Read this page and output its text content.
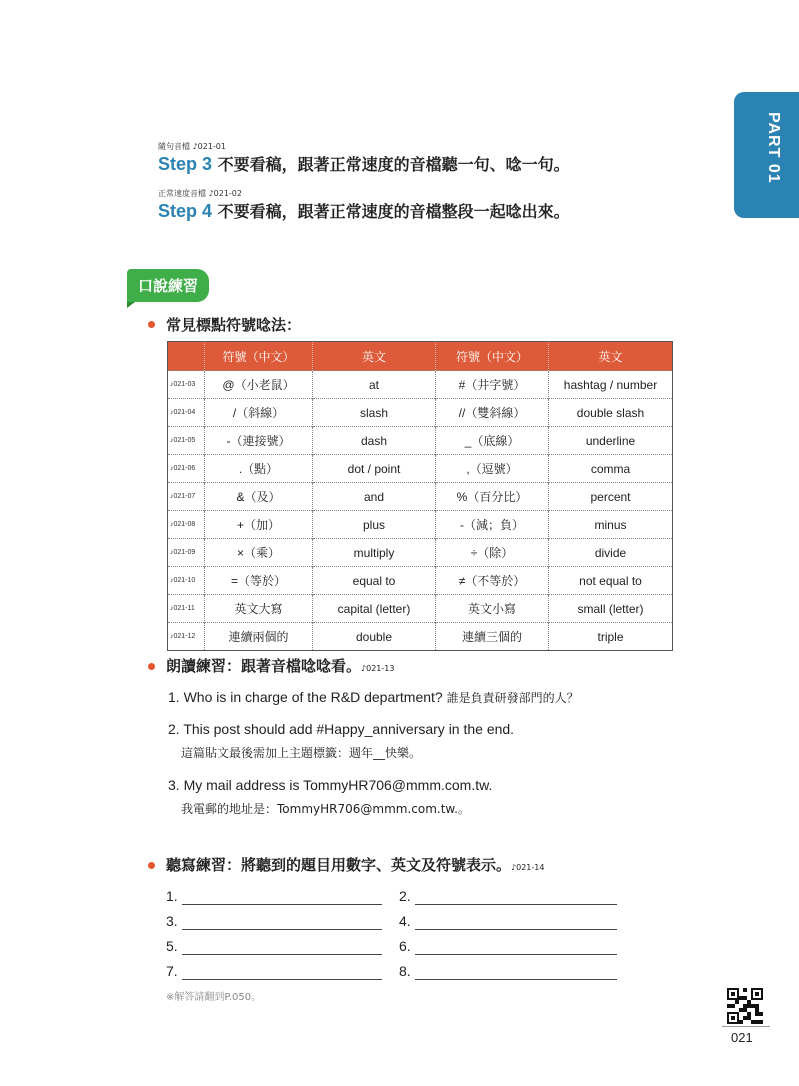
PART 01
隨句音檔 ♪021-01
Step 3 不要看稿，跟著正常速度的音檔聽一句、唸一句。
正常速度音檔 ♪021-02
Step 4 不要看稿，跟著正常速度的音檔整段一起唸出來。
口說練習
常見標點符號唸法：
	符號（中文）	英文	符號（中文）	英文
♪021-03	@（小老鼠）	at	#（井字號）	hashtag / number
♪021-04	/（斜線）	slash	//（雙斜線）	double slash
♪021-05	-（連接號）	dash	_（底線）	underline
♪021-06	.（點）	dot / point	,（逗號）	comma
♪021-07	&（及）	and	%（百分比）	percent
♪021-08	+（加）	plus	-（減；負）	minus
♪021-09	×（乘）	multiply	÷（除）	divide
♪021-10	=（等於）	equal to	≠（不等於）	not equal to
♪021-11	英文大寫	capital (letter)	英文小寫	small (letter)
♪021-12	連續兩個的	double	連續三個的	triple
朗讀練習：跟著音檔唸唸看。♪021-13
1. Who is in charge of the R&D department? 誰是負責研發部門的人？
2. This post should add #Happy_anniversary in the end.
這篇貼文最後需加上主題標籤：週年__快樂。
3. My mail address is TommyHR706@mmm.com.tw.
我電郵的地址是：TommyHR706@mmm.com.tw.。
聽寫練習：將聽到的題目用數字、英文及符號表示。♪021-14
1.	2.
3.	4.
5.	6.
7.	8.
※解答請翻到P.050。
021
